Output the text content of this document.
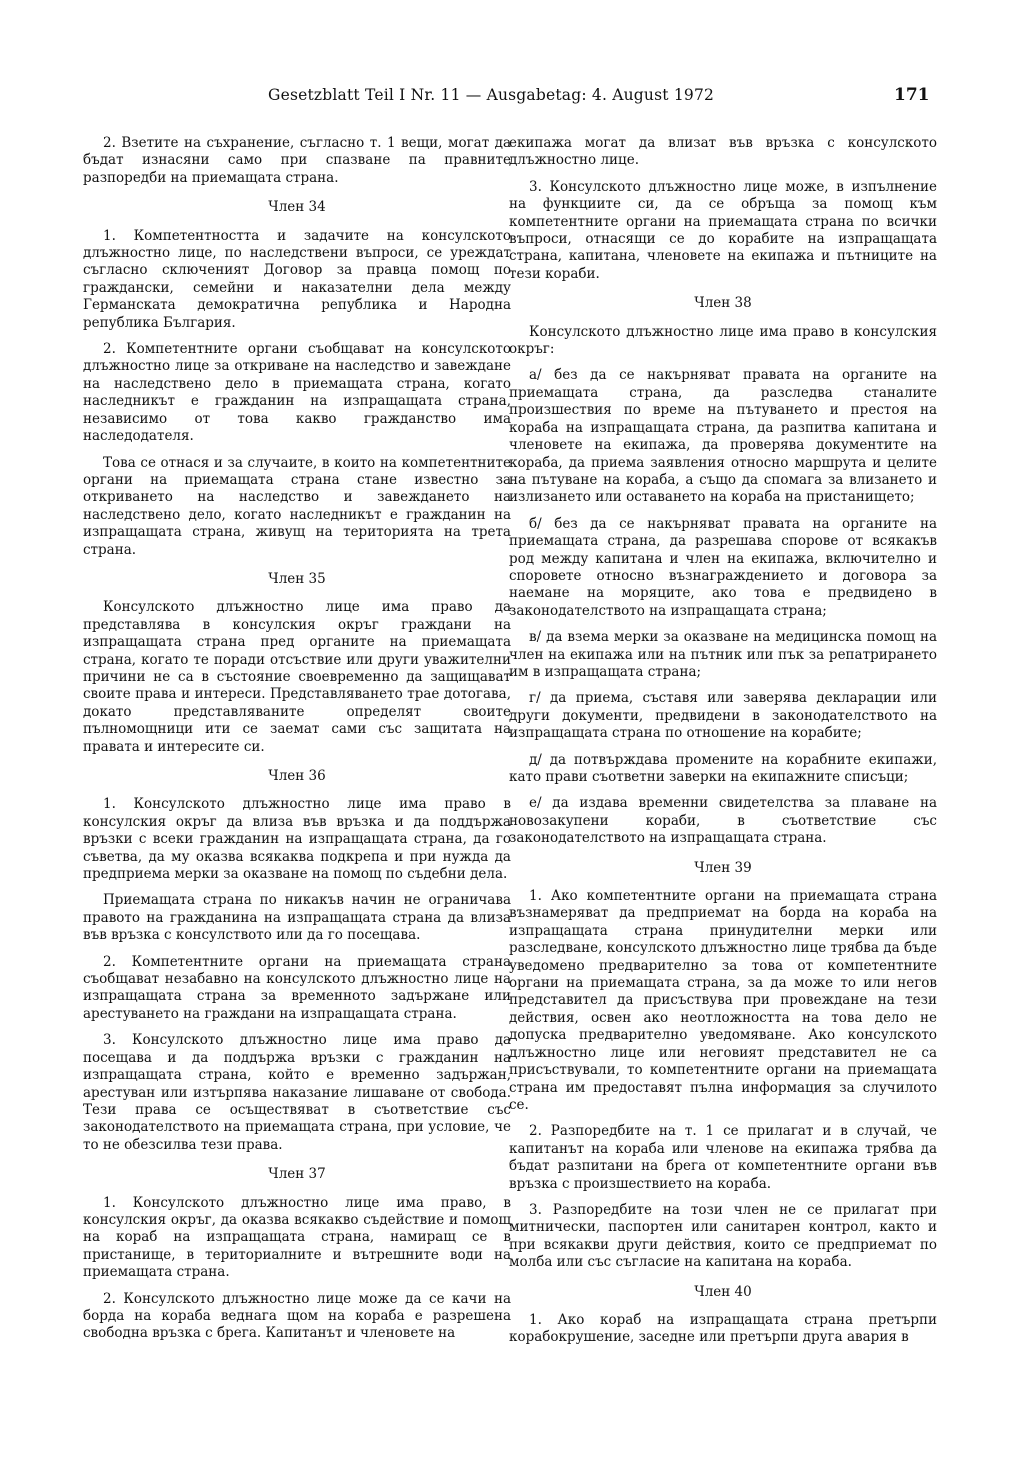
Gesetzblatt Teil I Nr. 11 — Ausgabetag: 4. August 1972	171

2. Взетите на съхранение, съгласно т. 1 вещи, могат да бъдат изнасяни само при спазване па правните разпоредби на приемащата страна.

Член 34

1. Компетентността и задачите на консулското длъжностно лице, по наследствени въпроси, се уреждат съгласно сключеният Договор за правца помощ по граждански, семейни и наказателни дела между Германската демократична република и Народна република България.

2. Компетентните органи съобщават на консулското длъжностно лице за откриване на наследство и завеждане на наследствено дело в приемащата страна, когато наследникът е гражданин на изпращащата страна, независимо от това какво гражданство има наследодателя.

Това се отнася и за случаите, в които на компетентните органи на приемащата страна стане известно за откриването на наследство и завеждането на наследствено дело, когато наследникът е гражданин на изпращащата страна, живущ на територията на трета страна.

Член 35

Консулското длъжностно лице има право да представлява в консулския окръг граждани на изпращащата страна пред органите на приемащата страна, когато те поради отсъствие или други уважителни причини не са в състояние своевременно да защищават своите права и интереси. Представляването трае дотогава, докато представляваните определят своите пълномощници ити се заемат сами със защитата на правата и интересите си.

Член 36

1. Консулското длъжностно лице има право в консулския окръг да влиза във връзка и да поддържа връзки с всеки гражданин на изпращащата страна, да го съветва, да му оказва всякаква подкрепа и при нужда да предприема мерки за оказване на помощ по съдебни дела.

Приемащата страна по никакъв начин не ограничава правото на гражданина на изпращащата страна да влиза във връзка с консулството или да го посещава.

2. Компетентните органи на приемащата страна съобщават незабавно на консулското длъжностно лице на изпращащата страна за временното задържане или арестуването на граждани на изпращащата страна.

3. Консулското длъжностно лице има право да посещава и да поддържа връзки с гражданин на изпращащата страна, който е временно задържан, арестуван или изтърпява наказание лишаване от свобода. Тези права се осъществяват в съответствие със законодателството на приемащата страна, при условие, че то не обезсилва тези права.

Член 37

1. Консулското длъжностно лице има право, в консулския окръг, да оказва всякакво съдействие и помощ на кораб на изпращащата страна, намиращ се в пристанище, в териториалните и вътрешните води на приемащата страна.

2. Консулското длъжностно лице може да се качи на борда на кораба веднага щом на кораба е разрешена свободна връзка с брега. Капитанът и членовете на

екипажа могат да влизат във връзка с консулското длъжностно лице.

3. Консулското длъжностно лице може, в изпълнение на функциите си, да се обръща за помощ към компетентните органи на приемащата страна по всички въпроси, отнасящи се до корабите на изпращащата страна, капитана, членовете на екипажа и пътниците на тези кораби.

Член 38

Консулското длъжностно лице има право в консулския окръг:

а/ без да се накърняват правата на органите на приемащата страна, да разследва станалите произшествия по време на пътуването и престоя на кораба на изпращащата страна, да разпитва капитана и членовете на екипажа, да проверява документите на кораба, да приема заявления относно маршрута и целите на пътуване на кораба, а също да спомага за влизането и излизането или оставането на кораба на пристанището;

б/ без да се накърняват правата на органите на приемащата страна, да разрешава спорове от всякакъв род между капитана и член на екипажа, включително и споровете относно възнаграждението и договора за наемане на моряците, ако това е предвидено в законодателството на изпращащата страна;

в/ да взема мерки за оказване на медицинска помощ на член на екипажа или на пътник или пък за репатрирането им в изпращащата страна;

г/ да приема, съставя или заверява декларации или други документи, предвидени в законодателството на изпращащата страна по отношение на корабите;

д/ да потвърждава промените на корабните екипажи, като прави съответни заверки на екипажните списъци;

е/ да издава временни свидетелства за плаване на новозакупени кораби, в съответствие със законодателството на изпращащата страна.

Член 39

1. Ако компетентните органи на приемащата страна възнамеряват да предприемат на борда на кораба на изпращащата страна принудителни мерки или разследване, консулското длъжностно лице трябва да бъде уведомено предварително за това от компетентните органи на приемащата страна, за да може то или негов представител да присъствува при провеждане на тези действия, освен ако неотложността на това дело не допуска предварително уведомяване. Ако консулското длъжностно лице или неговият представител не са присъствували, то компетентните органи на приемащата страна им предоставят пълна информация за случилото се.

2. Разпоредбите на т. 1 се прилагат и в случай, че капитанът на кораба или членове на екипажа трябва да бъдат разпитани на брега от компетентните органи във връзка с произшествието на кораба.

3. Разпоредбите на този член не се прилагат при митнически, паспортен или санитарен контрол, както и при всякакви други действия, които се предприемат по молба или със съгласие на капитана на кораба.

Член 40

1. Ако кораб на изпращащата страна претърпи корабокрушение, заседне или претърпи друга авария в
